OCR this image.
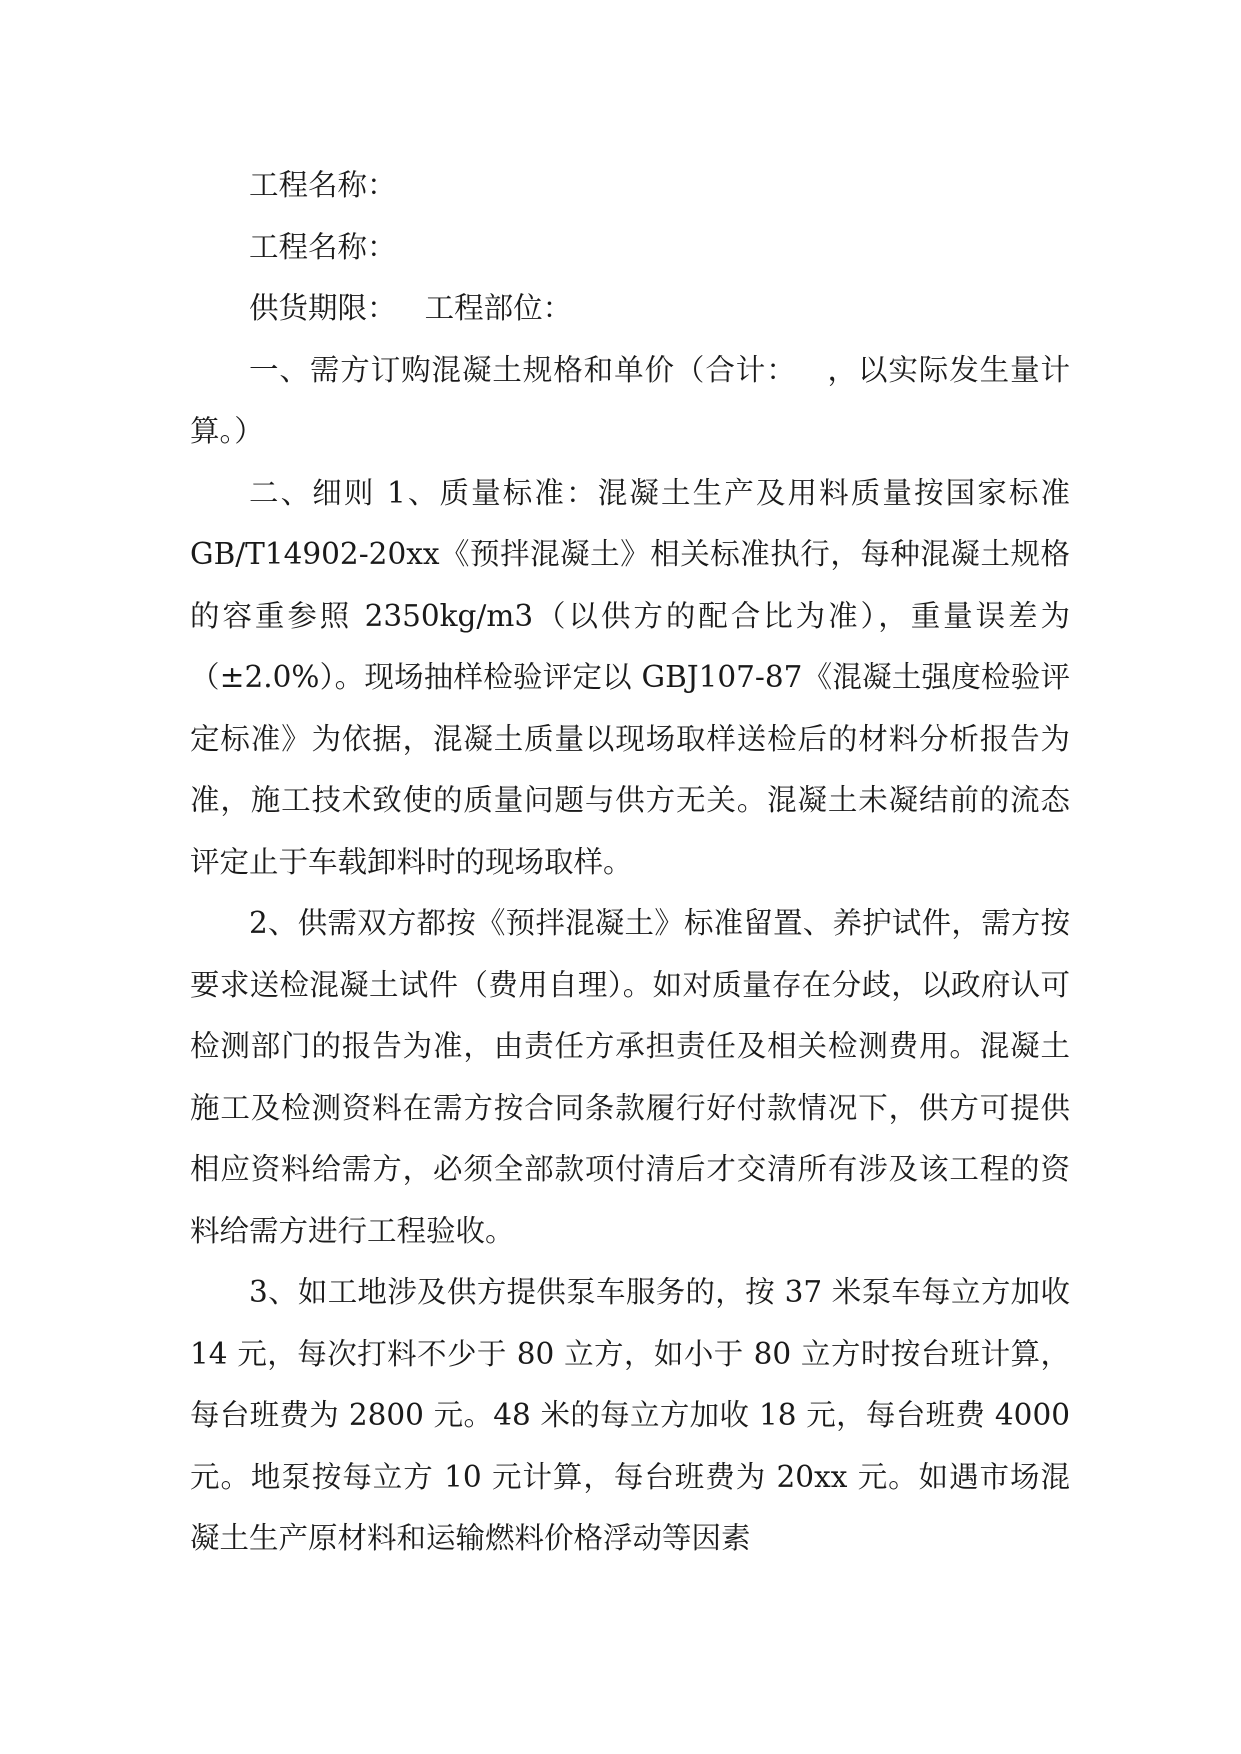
工程名称：

工程名称：

供货期限：   工程部位：

一、需方订购混凝土规格和单价（合计：   ，以实际发生量计算。）

二、细则 1、质量标准：混凝土生产及用料质量按国家标准 GB/T14902-20xx《预拌混凝土》相关标准执行，每种混凝土规格的容重参照 2350kg/m3（以供方的配合比为准），重量误差为（±2.0%）。现场抽样检验评定以 GBJ107-87《混凝土强度检验评定标准》为依据，混凝土质量以现场取样送检后的材料分析报告为准，施工技术致使的质量问题与供方无关。混凝土未凝结前的流态评定止于车载卸料时的现场取样。

2、供需双方都按《预拌混凝土》标准留置、养护试件，需方按要求送检混凝土试件（费用自理）。如对质量存在分歧，以政府认可检测部门的报告为准，由责任方承担责任及相关检测费用。混凝土施工及检测资料在需方按合同条款履行好付款情况下，供方可提供相应资料给需方，必须全部款项付清后才交清所有涉及该工程的资料给需方进行工程验收。

3、如工地涉及供方提供泵车服务的，按 37 米泵车每立方加收 14 元，每次打料不少于 80 立方，如小于 80 立方时按台班计算，每台班费为 2800 元。48 米的每立方加收 18 元，每台班费 4000 元。地泵按每立方 10 元计算，每台班费为 20xx 元。如遇市场混凝土生产原材料和运输燃料价格浮动等因素
